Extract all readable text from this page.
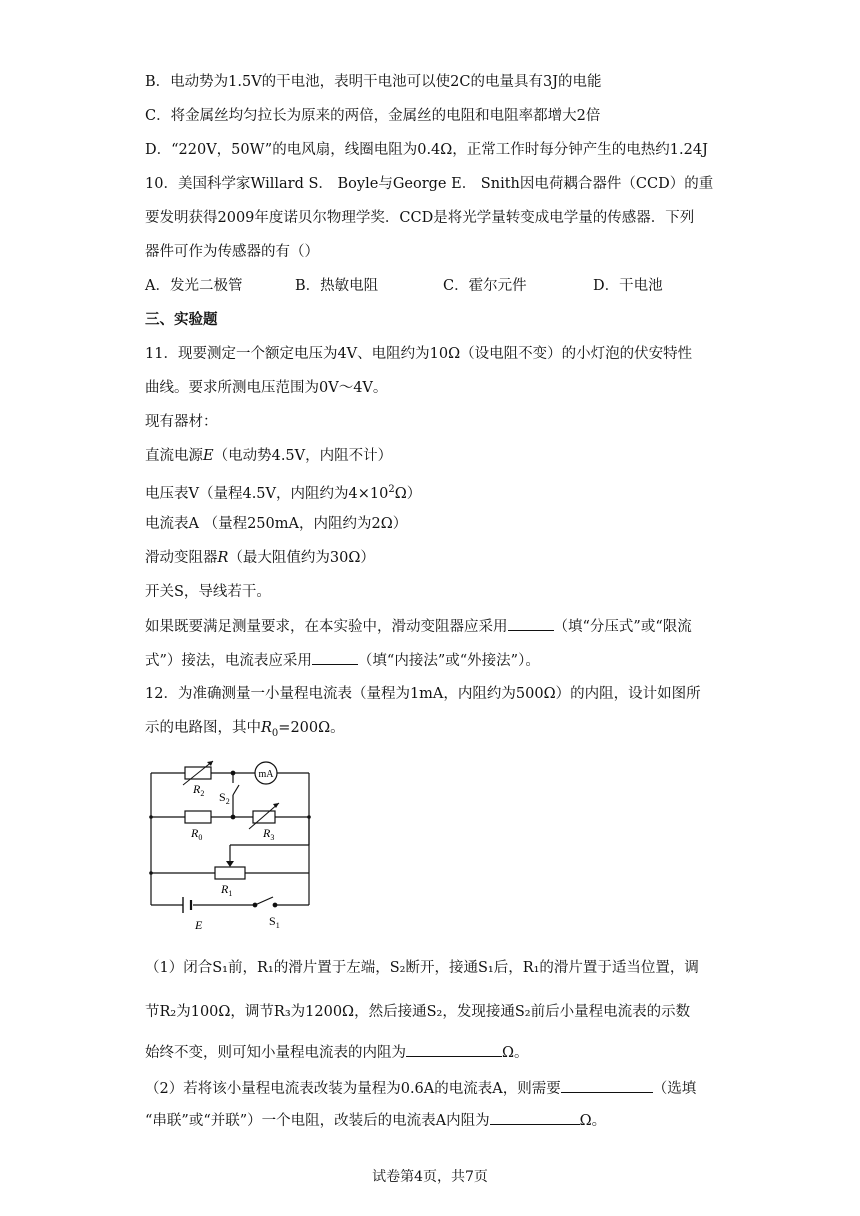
B．电动势为1.5V的干电池，表明干电池可以使2C的电量具有3J的电能
C．将金属丝均匀拉长为原来的两倍，金属丝的电阻和电阻率都增大2倍
D．“220V，50W”的电风扇，线圈电阻为0.4Ω，正常工作时每分钟产生的电热约1.24J
10．美国科学家Willard S． Boyle与George E． Snith因电荷耦合器件（CCD）的重
要发明获得2009年度诺贝尔物理学奖．CCD是将光学量转变成电学量的传感器．下列
器件可作为传感器的有（）
A．发光二极管	B．热敏电阻	C．霍尔元件	D．干电池
三、实验题
11．现要测定一个额定电压为4V、电阻约为10Ω（设电阻不变）的小灯泡的伏安特性
曲线。要求所测电压范围为0V～4V。
现有器材：
直流电源E（电动势4.5V，内阻不计）
电压表V（量程4.5V，内阻约为$4\times 10^2\Omega$）
电流表A （量程250mA，内阻约为2Ω）
滑动变阻器R（最大阻值约为30Ω）
开关S，导线若干。
如果既要满足测量要求，在本实验中，滑动变阻器应采用	（填“分压式”或“限流
式”）接法，电流表应采用	（填“内接法”或“外接法”）。
12．为准确测量一小量程电流表（量程为1mA，内阻约为500Ω）的内阻，设计如图所
示的电路图，其中$R_0=200\Omega$。
mA
$R_2$ $S_2$
$R_0$	$R_3$
$R_1$
E	$S_1$
（1）闭合S₁前，R₁的滑片置于左端，S₂断开，接通S₁后，R₁的滑片置于适当位置，调
节R₂为100Ω，调节R₃为1200Ω，然后接通S₂，发现接通S₂前后小量程电流表的示数
始终不变，则可知小量程电流表的内阻为	Ω。
（2）若将该小量程电流表改装为量程为0.6A的电流表A，则需要	（选填
“串联”或“并联”）一个电阻，改装后的电流表A内阻为	Ω。
试卷第4页，共7页
